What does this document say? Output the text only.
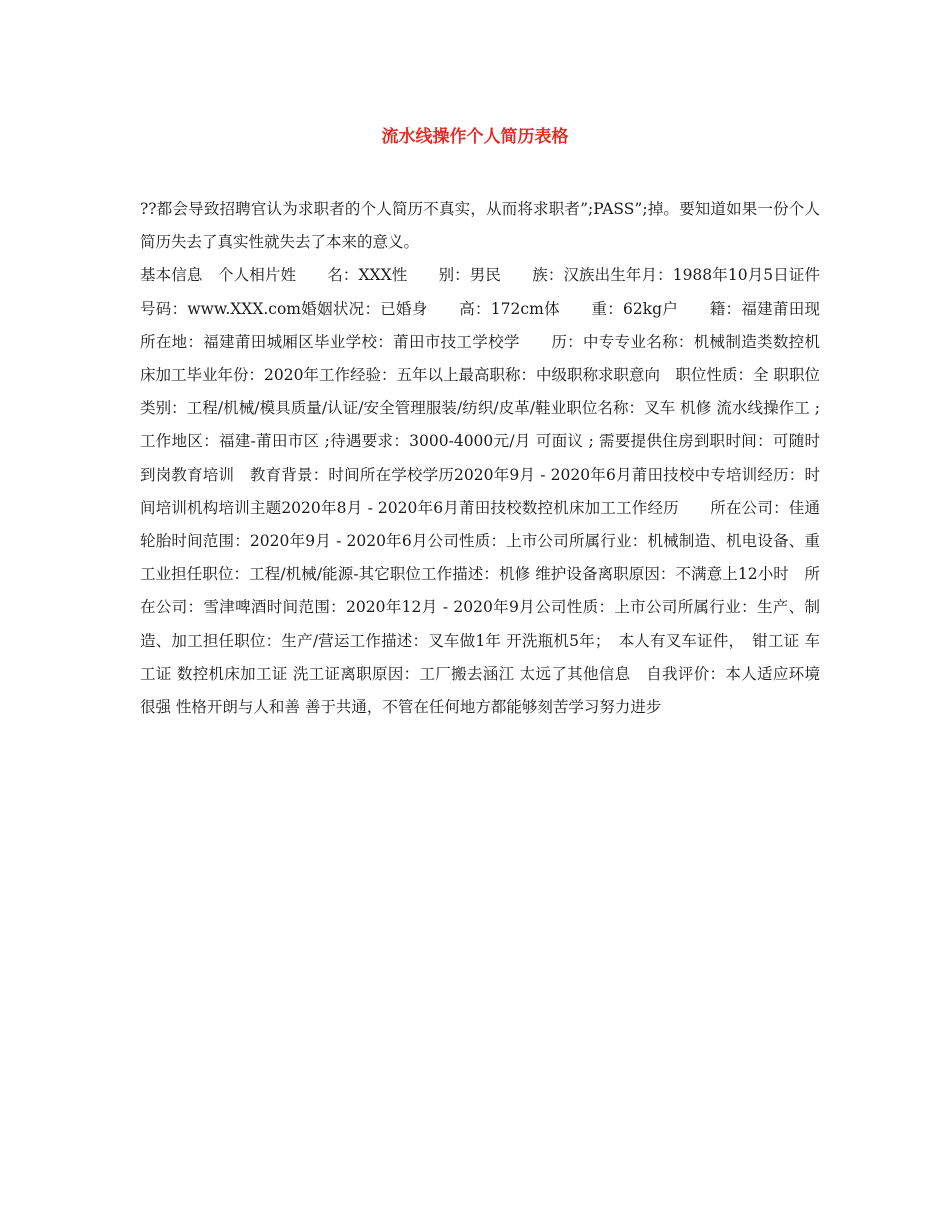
流水线操作个人简历表格

??都会导致招聘官认为求职者的个人简历不真实，从而将求职者”;PASS”;掉。要知道如果一份个人简历失去了真实性就失去了本来的意义。

基本信息　个人相片姓　　名：XXX性　　别：男民　　族：汉族出生年月：1988年10月5日证件号码：www.XXX.com婚姻状况：已婚身　　高：172cm体　　重：62kg户　　籍：福建莆田现所在地：福建莆田城厢区毕业学校：莆田市技工学校学　　历：中专专业名称：机械制造类数控机床加工毕业年份：2020年工作经验：五年以上最高职称：中级职称求职意向　职位性质：全 职职位类别：工程/机械/模具质量/认证/安全管理服装/纺织/皮革/鞋业职位名称：叉车 机修 流水线操作工 ;工作地区：福建-莆田市区 ;待遇要求：3000-4000元/月 可面议 ; 需要提供住房到职时间：可随时到岗教育培训　教育背景：时间所在学校学历2020年9月 - 2020年6月莆田技校中专培训经历：时间培训机构培训主题2020年8月 - 2020年6月莆田技校数控机床加工工作经历　　所在公司：佳通轮胎时间范围：2020年9月 - 2020年6月公司性质：上市公司所属行业：机械制造、机电设备、重工业担任职位：工程/机械/能源-其它职位工作描述：机修 维护设备离职原因：不满意上12小时　所在公司：雪津啤酒时间范围：2020年12月 - 2020年9月公司性质：上市公司所属行业：生产、制造、加工担任职位：生产/营运工作描述：叉车做1年 开洗瓶机5年；　本人有叉车证件，　钳工证 车工证 数控机床加工证 洗工证离职原因：工厂搬去涵江 太远了其他信息　自我评价：本人适应环境很强 性格开朗与人和善 善于共通，不管在任何地方都能够刻苦学习努力进步
